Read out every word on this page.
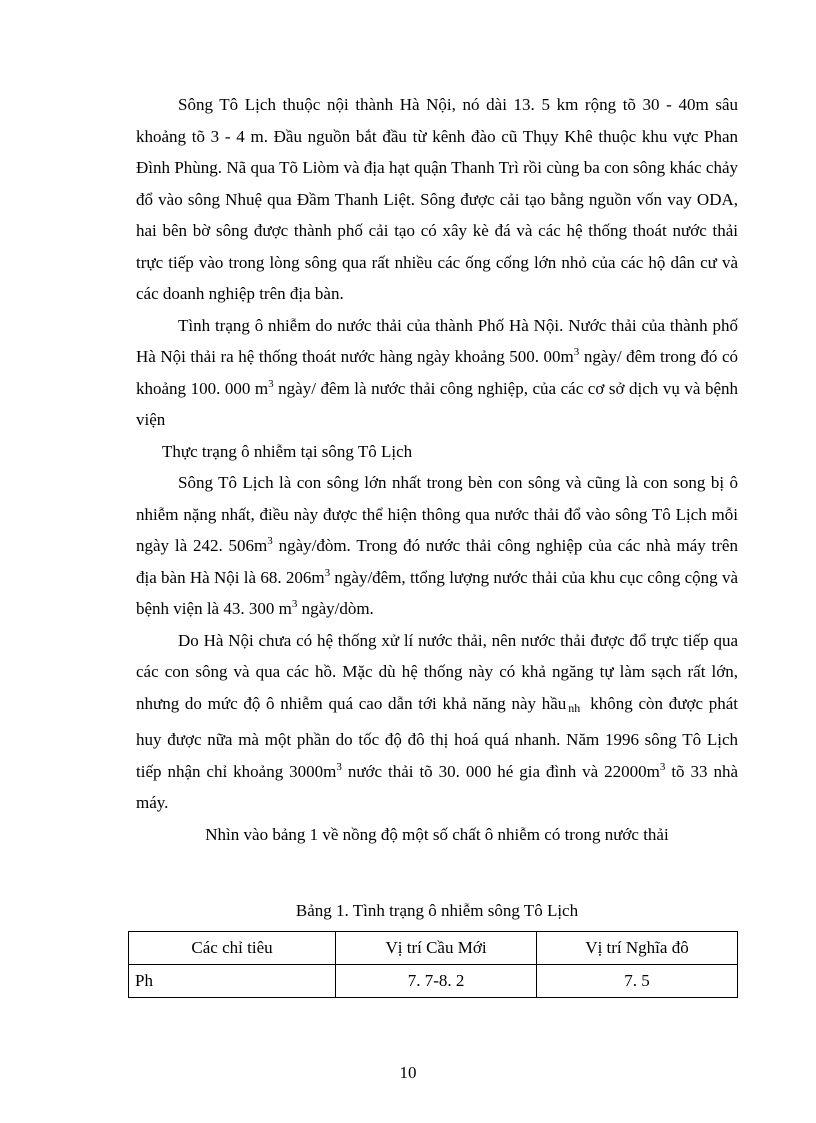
Sông Tô Lịch thuộc nội thành Hà Nội, nó dài 13. 5 km rộng tõ 30 - 40m sâu khoảng tõ 3 - 4 m. Đầu nguồn bắt đầu từ kênh đào cũ Thụy Khê thuộc khu vực Phan Đình Phùng. Nã qua Tõ Liòm và địa hạt quận Thanh Trì rồi cùng ba con sông khác chảy đổ vào sông Nhuệ qua Đầm Thanh Liệt. Sông được cải tạo bằng nguồn vốn vay ODA, hai bên bờ sông được thành phố cải tạo có xây kè đá và các hệ thống thoát nước thải trực tiếp vào trong lòng sông qua rất nhiều các ống cống lớn nhỏ của các hộ dân cư và các doanh nghiệp trên địa bàn.

Tình trạng ô nhiễm do nước thải của thành Phố Hà Nội. Nước thải của thành phố Hà Nội thải ra hệ thống thoát nước hàng ngày khoảng 500. $00m^3$ ngày/ đêm trong đó có khoảng 100. 000 $m^3$ ngày/ đêm là nước thải công nghiệp, của các cơ sở dịch vụ và bệnh viện

Thực trạng ô nhiễm tại sông Tô Lịch

Sông Tô Lịch là con sông lớn nhất trong bèn con sông và cũng là con song bị ô nhiễm nặng nhất, điều này được thể hiện thông qua nước thải đổ vào sông Tô Lịch mỗi ngày là 242. $506m^3$ ngày/đòm. Trong đó nước thải công nghiệp của các nhà máy trên địa bàn Hà Nội là 68. $206m^3$ ngày/đêm, ttổng lượng nước thải của khu cục công cộng và bệnh viện là 43. 300 $m^3$ ngày/dòm.

Do Hà Nội chưa có hệ thống xử lí nước thải, nên nước thải được đổ trực tiếp qua các con sông và qua các hồ. Mặc dù hệ thống này có khả ngăng tự làm sạch rất lớn, nhưng do mức độ ô nhiễm quá cao dẫn tới khả năng này hầu nh không còn được phát huy được nữa mà một phần do tốc độ đô thị hoá quá nhanh. Năm 1996 sông Tô Lịch tiếp nhận chỉ khoảng $3000m^3$ nước thải tõ 30. 000 hé gia đình và $22000m^3$ tõ 33 nhà máy.

Nhìn vào bảng 1 về nồng độ một số chất ô nhiễm có trong nước thải

Bảng 1. Tình trạng ô nhiễm sông Tô Lịch
Các chỉ tiêu	Vị trí Cầu Mới	Vị trí Nghĩa đô
Ph	7. 7-8. 2	7. 5
10
